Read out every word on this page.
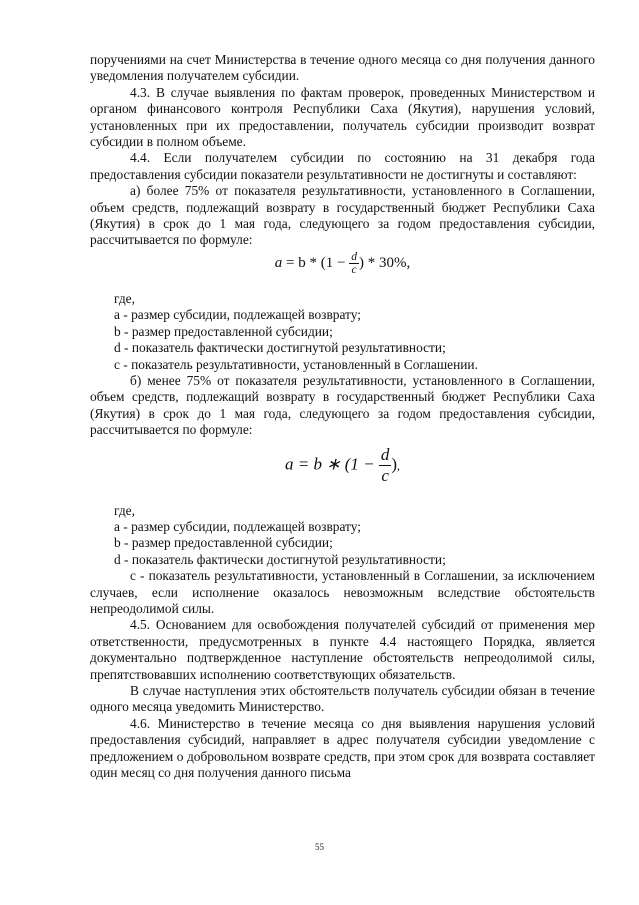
поручениями на счет Министерства в течение одного месяца со дня получения данного уведомления получателем субсидии.

4.3. В случае выявления по фактам проверок, проведенных Министерством и органом финансового контроля Республики Саха (Якутия), нарушения условий, установленных при их предоставлении, получатель субсидии производит возврат субсидии в полном объеме.

4.4. Если получателем субсидии по состоянию на 31 декабря года предоставления субсидии показатели результативности не достигнуты и составляют:

а) более 75% от показателя результативности, установленного в Соглашении, объем средств, подлежащий возврату в государственный бюджет Республики Саха (Якутия) в срок до 1 мая года, следующего за годом предоставления субсидии, рассчитывается по формуле:

$a = b * (1 - \frac{d}{c}$ ) * 30%,

где,

a - размер субсидии, подлежащей возврату;

b - размер предоставленной субсидии;

d - показатель фактически достигнутой результативности;

c - показатель результативности, установленный в Соглашении.

б) менее 75% от показателя результативности, установленного в Соглашении, объем средств, подлежащий возврату в государственный бюджет Республики Саха (Якутия) в срок до 1 мая года, следующего за годом предоставления субсидии, рассчитывается по формуле:

a = b ∗ ($1 - \frac{d}{c}$ ),

где,

а - размер субсидии, подлежащей возврату;

b - размер предоставленной субсидии;

d - показатель фактически достигнутой результативности;

с - показатель результативности, установленный в Соглашении, за исключением случаев, если исполнение оказалось невозможным вследствие обстоятельств непреодолимой силы.

4.5. Основанием для освобождения получателей субсидий от применения мер ответственности, предусмотренных в пункте 4.4 настоящего Порядка, является документально подтвержденное наступление обстоятельств непреодолимой силы, препятствовавших исполнению соответствующих обязательств.

В случае наступления этих обстоятельств получатель субсидии обязан в течение одного месяца уведомить Министерство.

4.6. Министерство в течение месяца со дня выявления нарушения условий предоставления субсидий, направляет в адрес получателя субсидии уведомление с предложением о добровольном возврате средств, при этом срок для возврата составляет один месяц со дня получения данного письма

55
